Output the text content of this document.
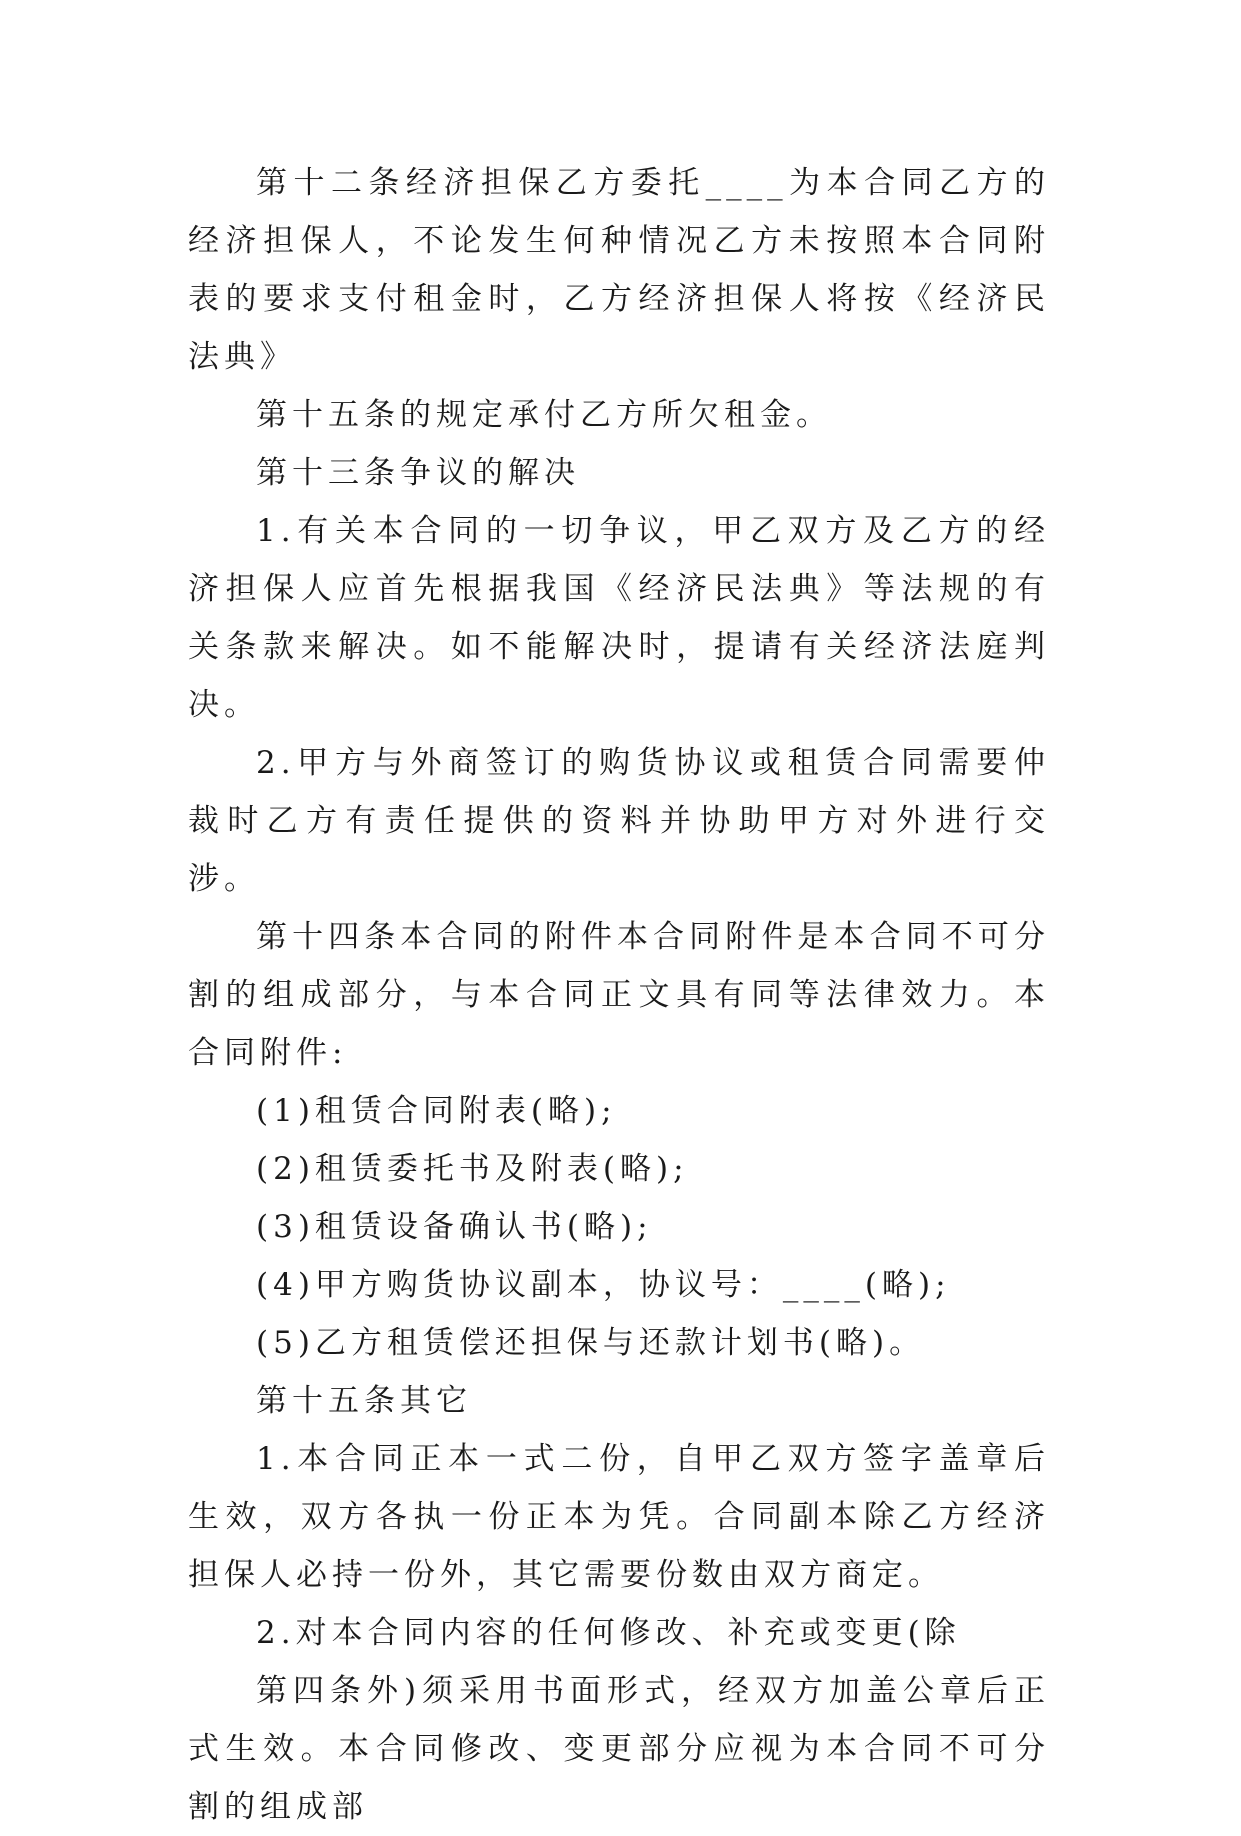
第十二条经济担保乙方委托____为本合同乙方的经济担保人，不论发生何种情况乙方未按照本合同附表的要求支付租金时，乙方经济担保人将按《经济民法典》

第十五条的规定承付乙方所欠租金。

第十三条争议的解决

1.有关本合同的一切争议，甲乙双方及乙方的经济担保人应首先根据我国《经济民法典》等法规的有关条款来解决。如不能解决时，提请有关经济法庭判决。

2.甲方与外商签订的购货协议或租赁合同需要仲裁时乙方有责任提供的资料并协助甲方对外进行交涉。

第十四条本合同的附件本合同附件是本合同不可分割的组成部分，与本合同正文具有同等法律效力。本合同附件:

(1)租赁合同附表(略);

(2)租赁委托书及附表(略);

(3)租赁设备确认书(略);

(4)甲方购货协议副本，协议号：____(略);

(5)乙方租赁偿还担保与还款计划书(略)。

第十五条其它

1.本合同正本一式二份，自甲乙双方签字盖章后生效，双方各执一份正本为凭。合同副本除乙方经济担保人必持一份外，其它需要份数由双方商定。

2.对本合同内容的任何修改、补充或变更(除

第四条外)须采用书面形式，经双方加盖公章后正式生效。本合同修改、变更部分应视为本合同不可分割的组成部
